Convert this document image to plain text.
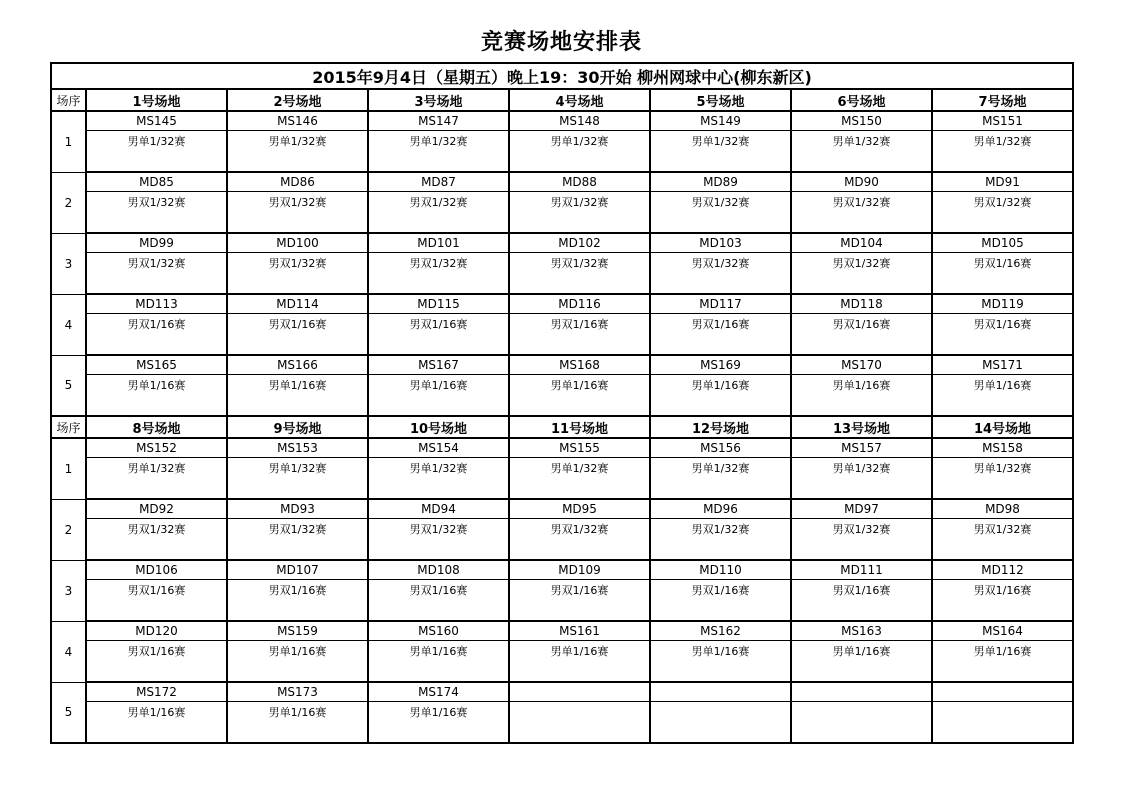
竞赛场地安排表
2015年9月4日（星期五）晚上19：30开始 柳州网球中心(柳东新区)							
场序	1号场地	2号场地	3号场地	4号场地	5号场地	6号场地	7号场地
1	MS145	MS146	MS147	MS148	MS149	MS150	MS151
	男单1/32赛	男单1/32赛	男单1/32赛	男单1/32赛	男单1/32赛	男单1/32赛	男单1/32赛
2	MD85	MD86	MD87	MD88	MD89	MD90	MD91
	男双1/32赛	男双1/32赛	男双1/32赛	男双1/32赛	男双1/32赛	男双1/32赛	男双1/32赛
3	MD99	MD100	MD101	MD102	MD103	MD104	MD105
	男双1/32赛	男双1/32赛	男双1/32赛	男双1/32赛	男双1/32赛	男双1/32赛	男双1/16赛
4	MD113	MD114	MD115	MD116	MD117	MD118	MD119
	男双1/16赛	男双1/16赛	男双1/16赛	男双1/16赛	男双1/16赛	男双1/16赛	男双1/16赛
5	MS165	MS166	MS167	MS168	MS169	MS170	MS171
	男单1/16赛	男单1/16赛	男单1/16赛	男单1/16赛	男单1/16赛	男单1/16赛	男单1/16赛
场序	8号场地	9号场地	10号场地	11号场地	12号场地	13号场地	14号场地
1	MS152	MS153	MS154	MS155	MS156	MS157	MS158
	男单1/32赛	男单1/32赛	男单1/32赛	男单1/32赛	男单1/32赛	男单1/32赛	男单1/32赛
2	MD92	MD93	MD94	MD95	MD96	MD97	MD98
	男双1/32赛	男双1/32赛	男双1/32赛	男双1/32赛	男双1/32赛	男双1/32赛	男双1/32赛
3	MD106	MD107	MD108	MD109	MD110	MD111	MD112
	男双1/16赛	男双1/16赛	男双1/16赛	男双1/16赛	男双1/16赛	男双1/16赛	男双1/16赛
4	MD120	MS159	MS160	MS161	MS162	MS163	MS164
	男双1/16赛	男单1/16赛	男单1/16赛	男单1/16赛	男单1/16赛	男单1/16赛	男单1/16赛
5	MS172	MS173	MS174				
	男单1/16赛	男单1/16赛	男单1/16赛				
